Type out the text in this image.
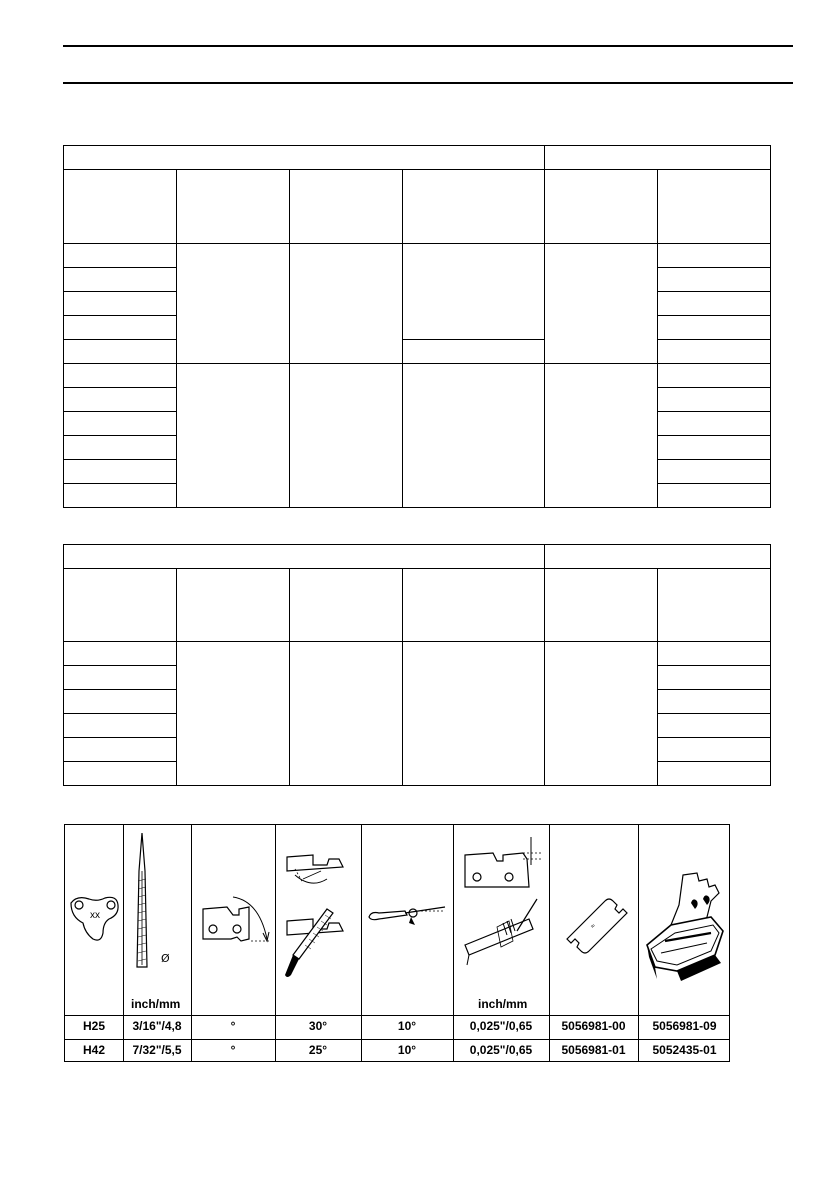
xx
Ø
≈
inch/mm	inch/mm
H25	3/16"/4,8	°	30°	10°	0,025"/0,65	5056981-00	5056981-09
H42	7/32"/5,5	°	25°	10°	0,025"/0,65	5056981-01	5052435-01
